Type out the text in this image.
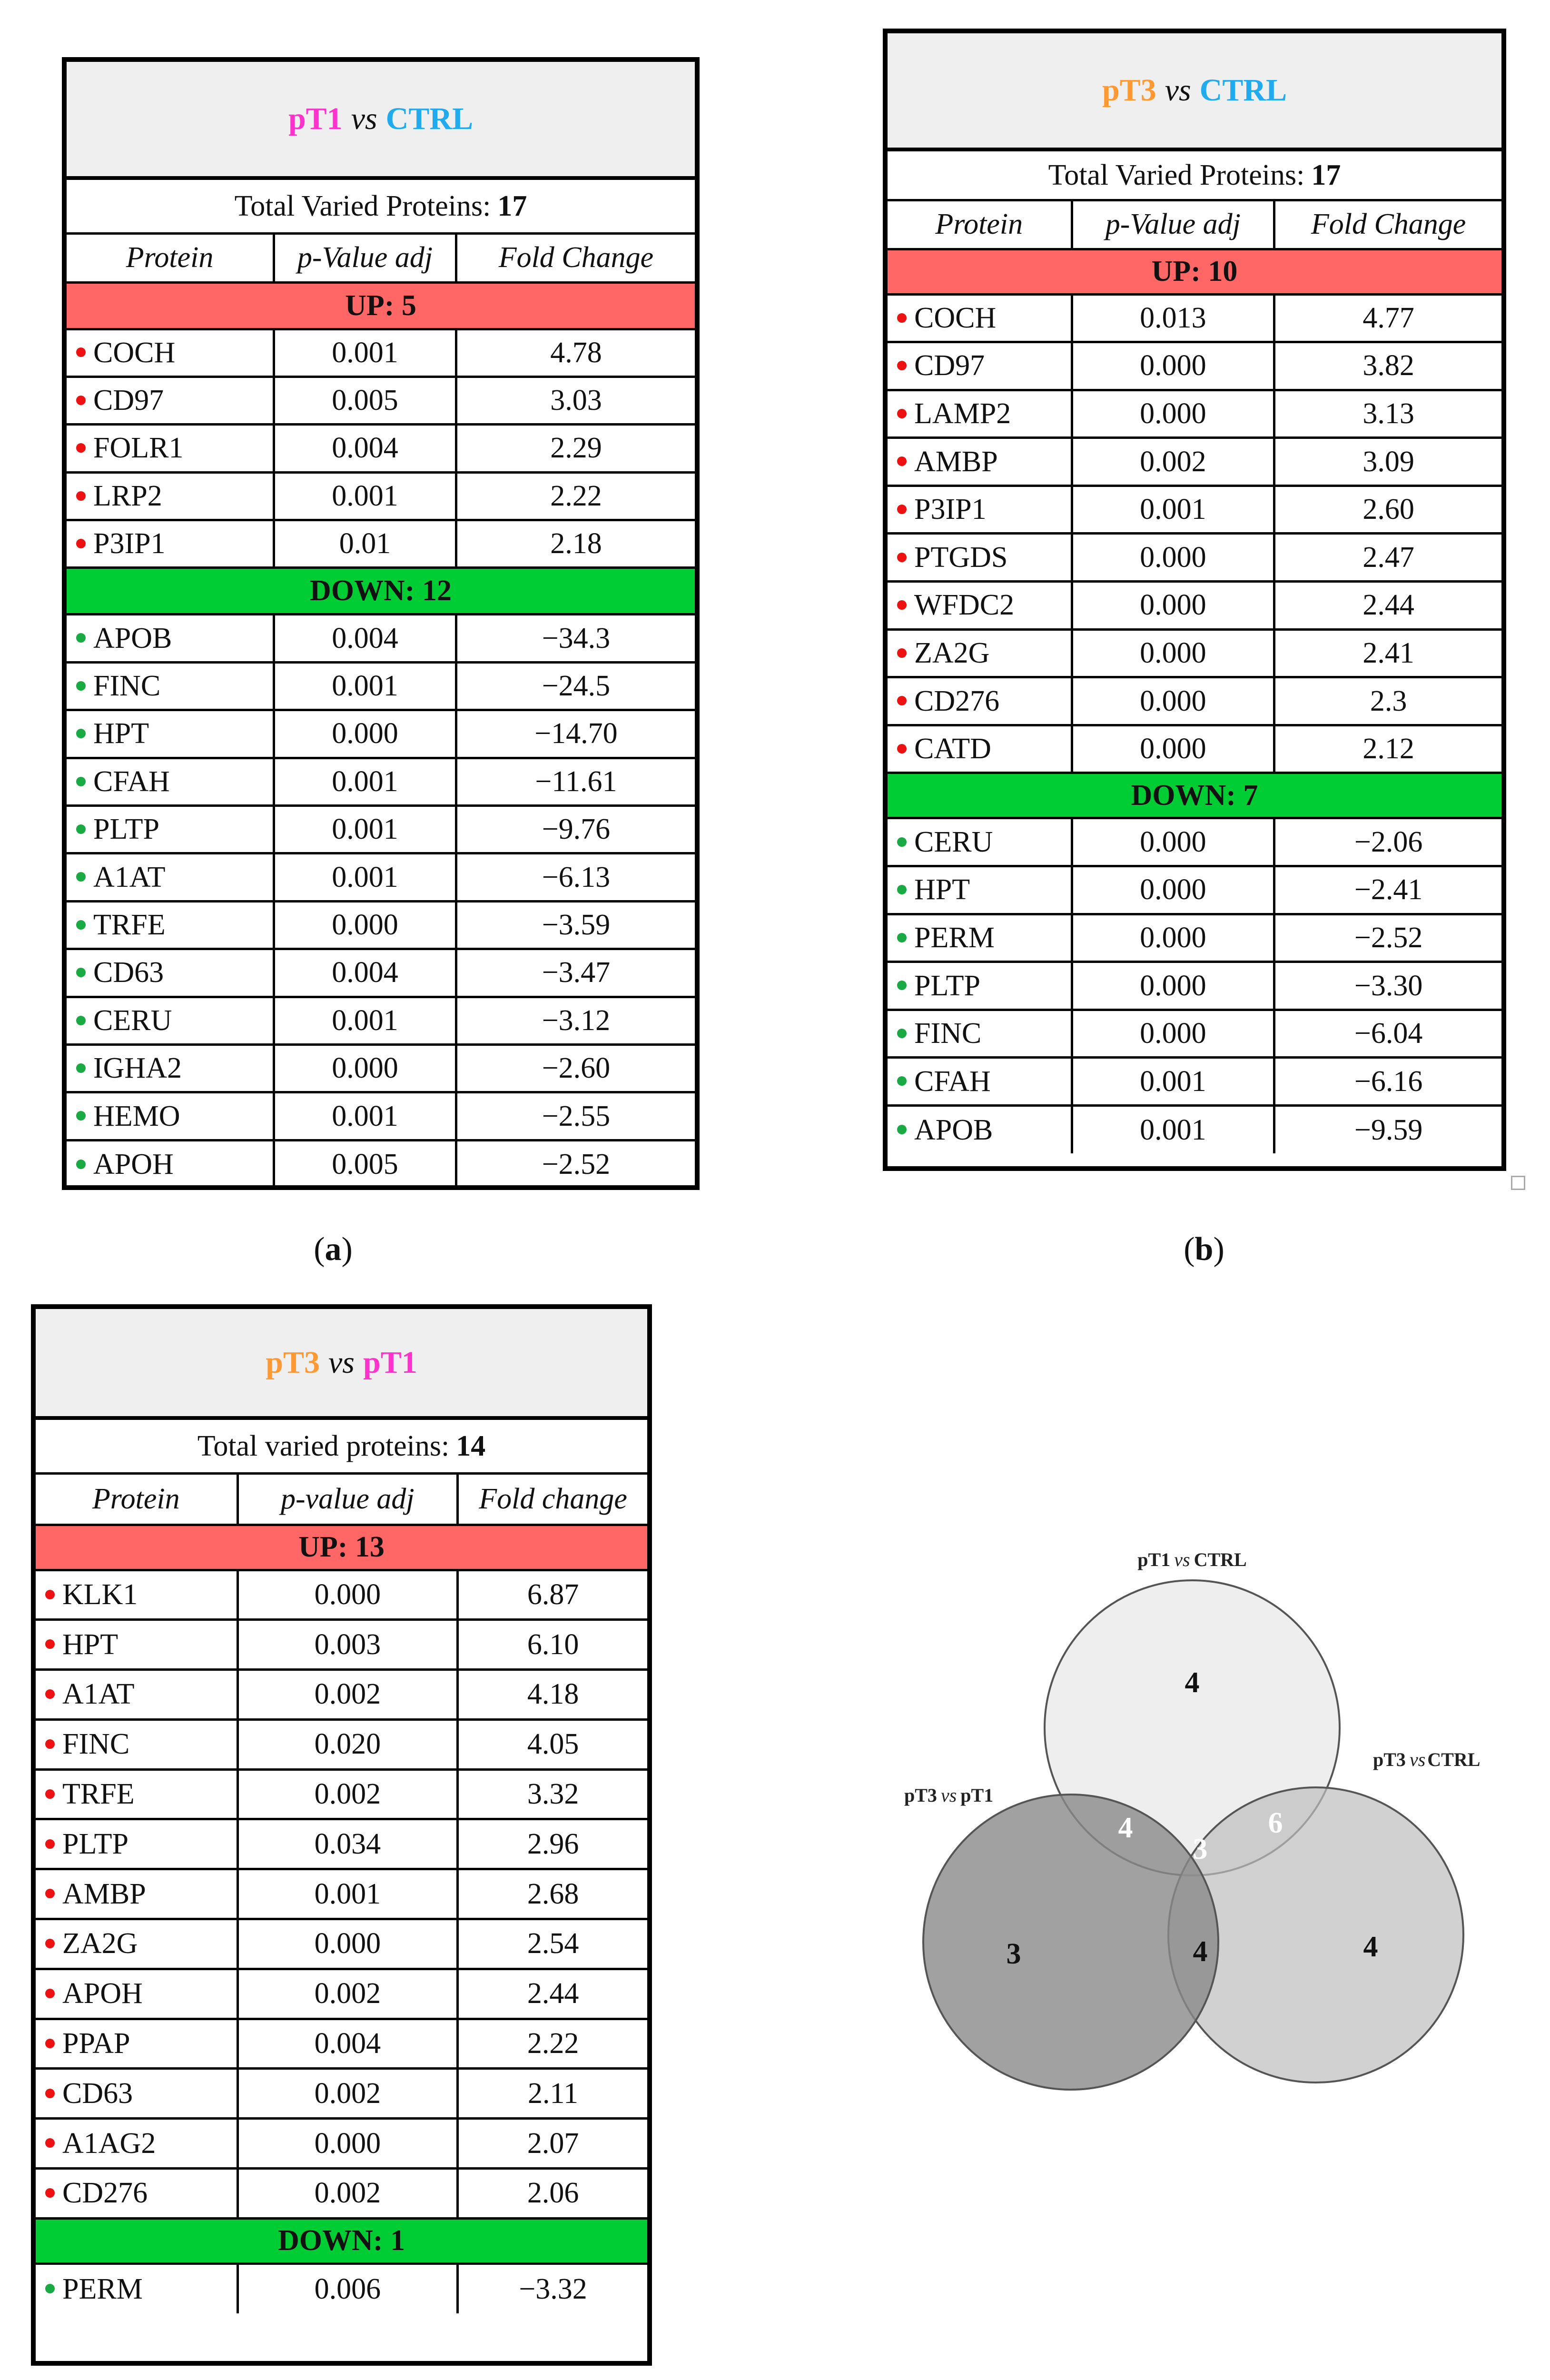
pT1 vs CTRL
Total Varied Proteins: 17
Protein	p-Value adj	Fold Change
UP: 5		
COCH	0.001	4.78
CD97	0.005	3.03
FOLR1	0.004	2.29
LRP2	0.001	2.22
P3IP1	0.01	2.18
DOWN: 12		
APOB	0.004	−34.3
FINC	0.001	−24.5
HPT	0.000	−14.70
CFAH	0.001	−11.61
PLTP	0.001	−9.76
A1AT	0.001	−6.13
TRFE	0.000	−3.59
CD63	0.004	−3.47
CERU	0.001	−3.12
IGHA2	0.000	−2.60
HEMO	0.001	−2.55
APOH	0.005	−2.52
pT3 vs CTRL
Total Varied Proteins: 17
Protein	p-Value adj	Fold Change
UP: 10		
COCH	0.013	4.77
CD97	0.000	3.82
LAMP2	0.000	3.13
AMBP	0.002	3.09
P3IP1	0.001	2.60
PTGDS	0.000	2.47
WFDC2	0.000	2.44
ZA2G	0.000	2.41
CD276	0.000	2.3
CATD	0.000	2.12
DOWN: 7		
CERU	0.000	−2.06
HPT	0.000	−2.41
PERM	0.000	−2.52
PLTP	0.000	−3.30
FINC	0.000	−6.04
CFAH	0.001	−6.16
APOB	0.001	−9.59
pT3 vs pT1
Total varied proteins: 14
Protein	p-value adj	Fold change
UP: 13		
KLK1	0.000	6.87
HPT	0.003	6.10
A1AT	0.002	4.18
FINC	0.020	4.05
TRFE	0.002	3.32
PLTP	0.034	2.96
AMBP	0.001	2.68
ZA2G	0.000	2.54
APOH	0.002	2.44
PPAP	0.004	2.22
CD63	0.002	2.11
A1AG2	0.000	2.07
CD276	0.002	2.06
DOWN: 1		
PERM	0.006	−3.32
pT1 vs CTRL
pT3 vs CTRL
pT3 vs pT1
4
3	4
4	6
4
3
(a)	(b)
